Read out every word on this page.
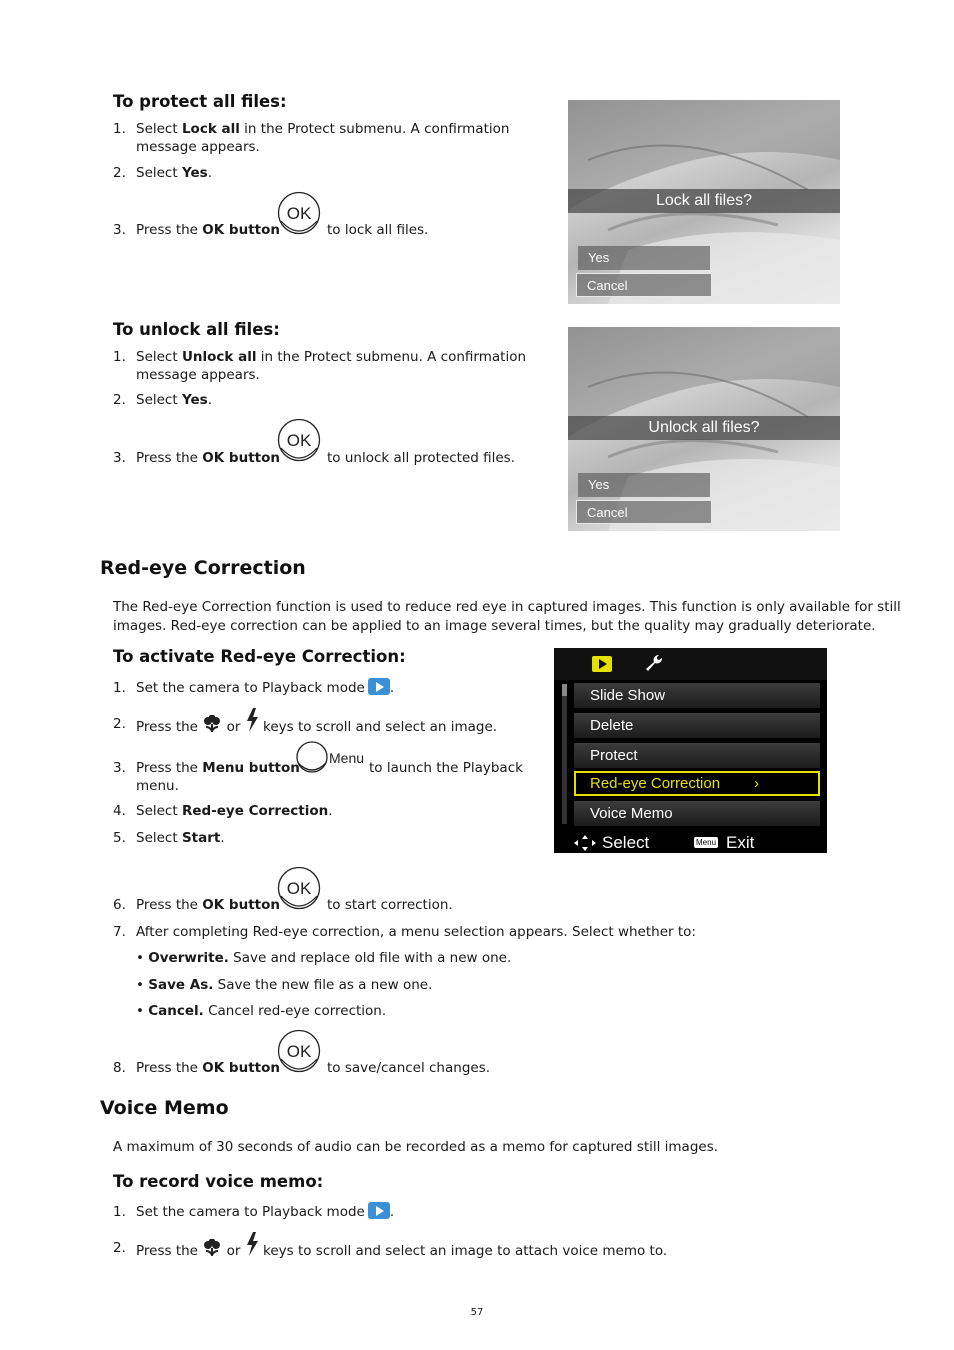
To protect all files:
1. Select Lock all in the Protect submenu. A confirmation
message appears.
2. Select Yes.
3. Press the OK button	to lock all files.
OK
Lock all files?
Yes
Cancel
To unlock all files:
1. Select Unlock all in the Protect submenu. A confirmation
message appears.
2. Select Yes.
3. Press the OK button	to unlock all protected files.
OK
Unlock all files?
Yes
Cancel
Red-eye Correction
The Red-eye Correction function is used to reduce red eye in captured images. This function is only available for still
images. Red-eye correction can be applied to an image several times, but the quality may gradually deteriorate.
To activate Red-eye Correction:
1. Set the camera to Playback mode .
2. Press the or keys to scroll and select an image.
3. Press the Menu button	to launch the Playback
menu.
Menu
4. Select Red-eye Correction.
5. Select Start.
6. Press the OK button	to start correction.
OK
7. After completing Red-eye correction, a menu selection appears. Select whether to:
• Overwrite. Save and replace old file with a new one.
• Save As. Save the new file as a new one.
• Cancel. Cancel red-eye correction.
8. Press the OK button	to save/cancel changes.
OK
Slide Show
Delete
Protect
Red-eye Correction ›
Voice Memo
Select	Menu Exit
Voice Memo
A maximum of 30 seconds of audio can be recorded as a memo for captured still images.
To record voice memo:
1. Set the camera to Playback mode .
2. Press the or keys to scroll and select an image to attach voice memo to.
57
